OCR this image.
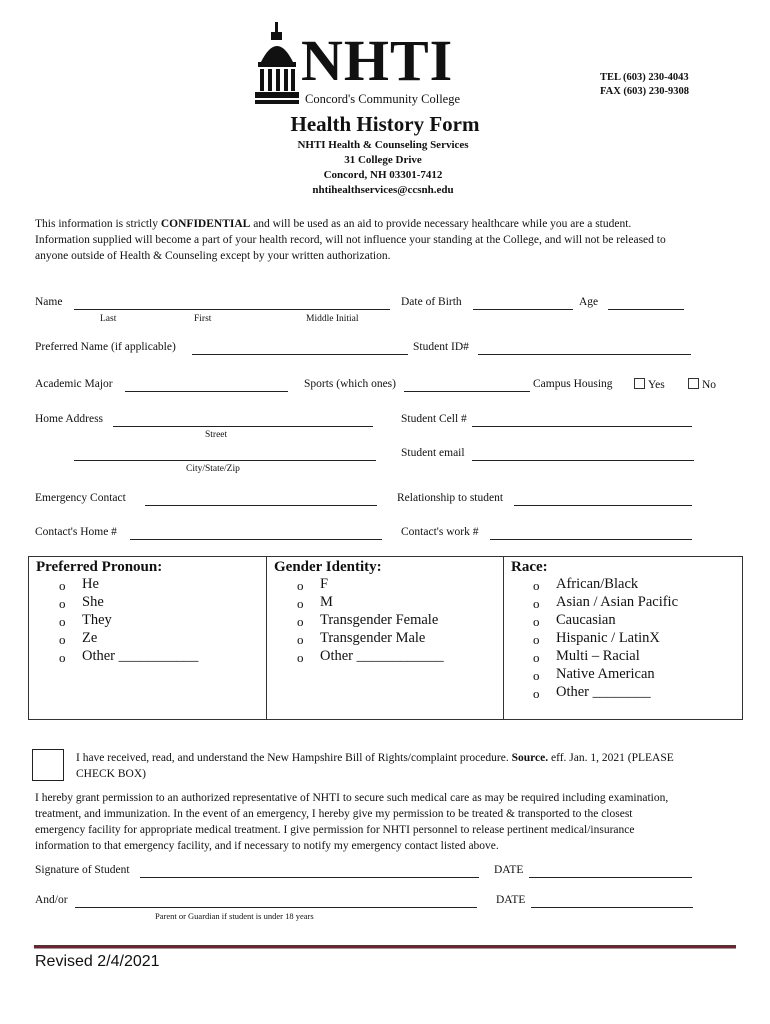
NHTI
Concord's Community College
TEL (603) 230-4043
FAX (603) 230-9308
Health History Form
NHTI Health & Counseling Services
31 College Drive
Concord, NH 03301-7412
nhtihealthservices@ccsnh.edu
This information is strictly CONFIDENTIAL and will be used as an aid to provide necessary healthcare while you are a student.
Information supplied will become a part of your health record, will not influence your standing at the College, and will not be released to
anyone outside of Health & Counseling except by your written authorization.
Name
Last	First	Middle Initial
Date of Birth	Age
Preferred Name (if applicable)	Student ID#
Academic Major	Sports (which ones)	Campus Housing	Yes	No
Home Address
Street
City/State/Zip
Student Cell #
Student email
Emergency Contact	Relationship to student
Contact's Home #	Contact's work #
Preferred Pronoun:
o He
o She
o They
o Ze
o Other ___________
Gender Identity:
o F
o M
o Transgender Female
o Transgender Male
o Other ____________
Race:
o African/Black
o Asian / Asian Pacific
o Caucasian
o Hispanic / LatinX
o Multi – Racial
o Native American
o Other ________
I have received, read, and understand the New Hampshire Bill of Rights/complaint procedure. Source. eff. Jan. 1, 2021 (PLEASE
CHECK BOX)
I hereby grant permission to an authorized representative of NHTI to secure such medical care as may be required including examination,
treatment, and immunization. In the event of an emergency, I hereby give my permission to be treated & transported to the closest
emergency facility for appropriate medical treatment. I give permission for NHTI personnel to release pertinent medical/insurance
information to that emergency facility, and if necessary to notify my emergency contact listed above.
Signature of Student	DATE
And/or
Parent or Guardian if student is under 18 years
DATE
Revised 2/4/2021
